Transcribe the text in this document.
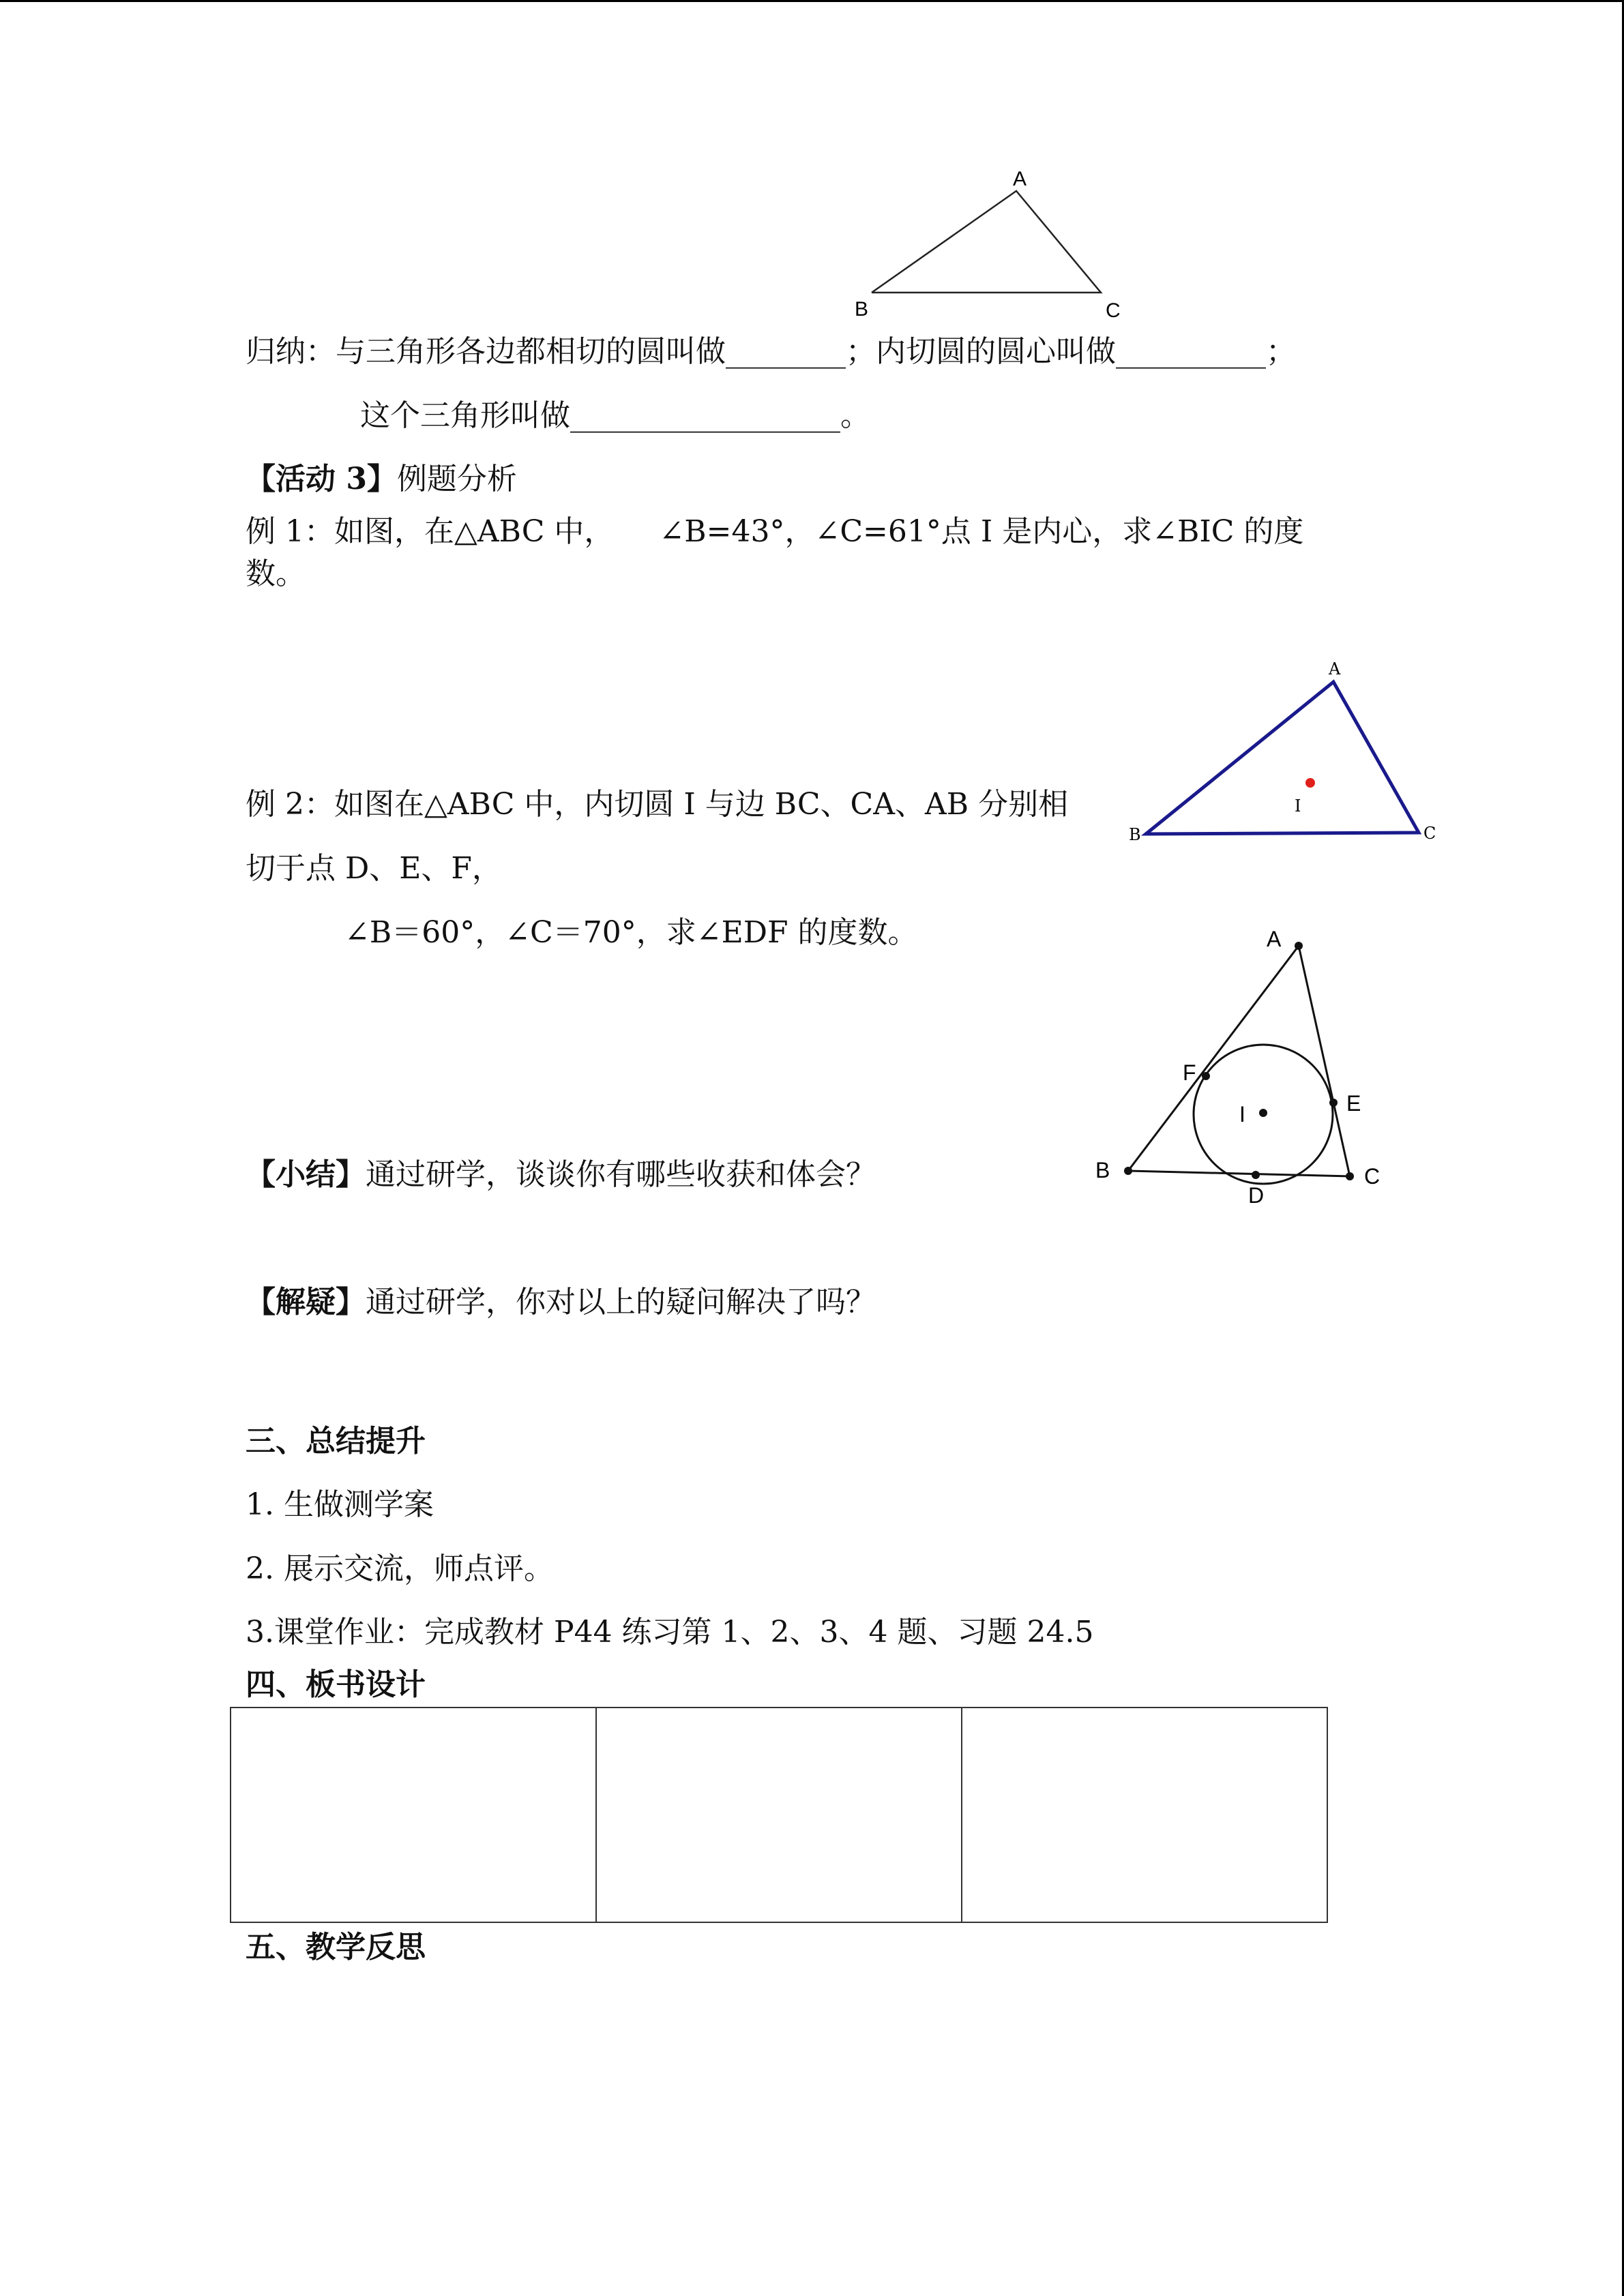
A
B	C
A
B	C
I
A
B	C
D
E
F
I
归纳：与三角形各边都相切的圆叫做________；内切圆的圆心叫做__________；
这个三角形叫做__________________。
【活动 3】例题分析
例 1：如图，在△ABC 中，　　∠B=43°，∠C=61°点 I 是内心，求∠BIC 的度
数。
例 2：如图在△ABC 中，内切圆 I 与边 BC、CA、AB 分别相
切于点 D、E、F，
∠B＝60°，∠C＝70°，求∠EDF 的度数。
【小结】通过研学，谈谈你有哪些收获和体会？
【解疑】通过研学，你对以上的疑问解决了吗？
三、总结提升
1. 生做测学案
2. 展示交流，师点评。
3.课堂作业：完成教材 P44 练习第 1、2、3、4 题、习题 24.5
四、板书设计

五、教学反思
